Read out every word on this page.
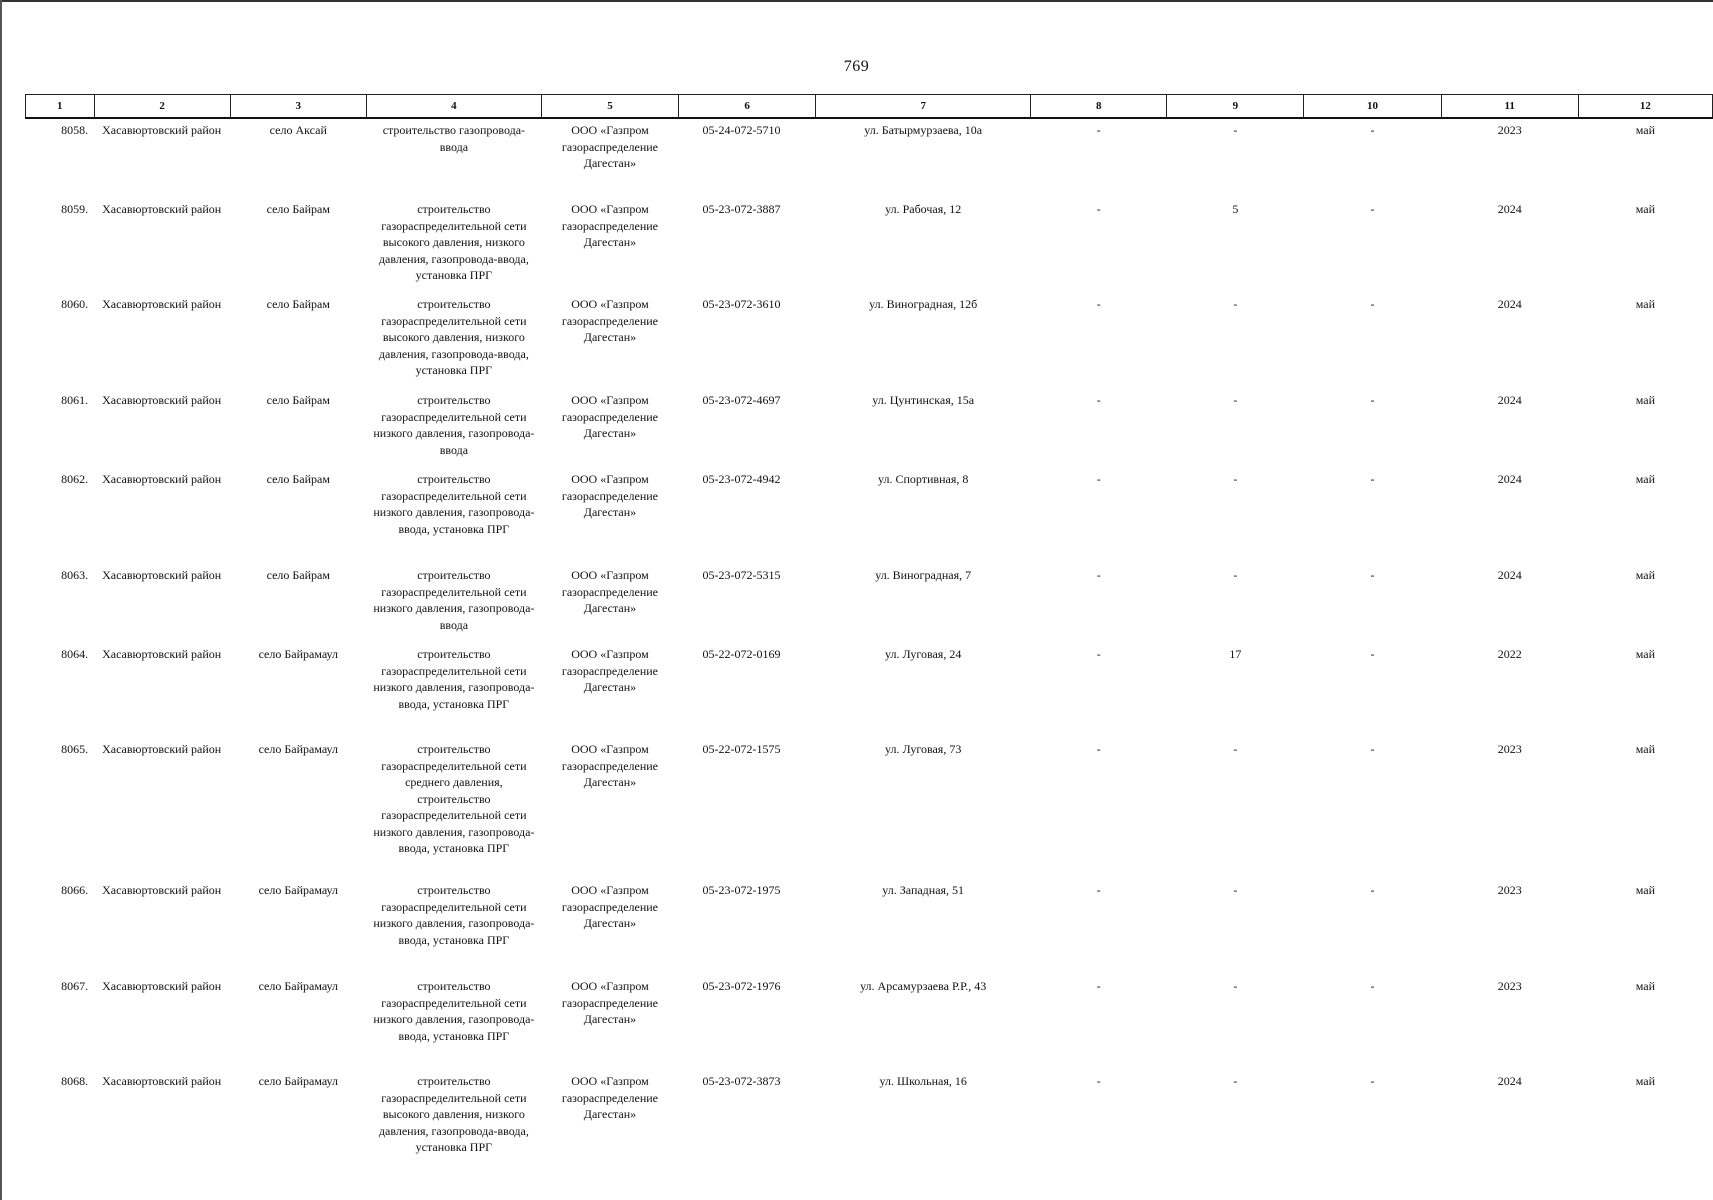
769
1	2	3	4	5	6	7	8	9	10	11	12
8058.	Хасавюртовский район	село Аксай	строительство газопровода-ввода	ООО «Газпром газораспределение Дагестан»	05-24-072-5710	ул. Батырмурзаева, 10а	-	-	-	2023	май
8059.	Хасавюртовский район	село Байрам	строительство газораспределительной сети высокого давления, низкого давления, газопровода-ввода, установка ПРГ	ООО «Газпром газораспределение Дагестан»	05-23-072-3887	ул. Рабочая, 12	-	5	-	2024	май
8060.	Хасавюртовский район	село Байрам	строительство газораспределительной сети высокого давления, низкого давления, газопровода-ввода, установка ПРГ	ООО «Газпром газораспределение Дагестан»	05-23-072-3610	ул. Виноградная, 12б	-	-	-	2024	май
8061.	Хасавюртовский район	село Байрам	строительство газораспределительной сети низкого давления, газопровода-ввода	ООО «Газпром газораспределение Дагестан»	05-23-072-4697	ул. Цунтинская, 15а	-	-	-	2024	май
8062.	Хасавюртовский район	село Байрам	строительство газораспределительной сети низкого давления, газопровода-ввода, установка ПРГ	ООО «Газпром газораспределение Дагестан»	05-23-072-4942	ул. Спортивная, 8	-	-	-	2024	май
8063.	Хасавюртовский район	село Байрам	строительство газораспределительной сети низкого давления, газопровода-ввода	ООО «Газпром газораспределение Дагестан»	05-23-072-5315	ул. Виноградная, 7	-	-	-	2024	май
8064.	Хасавюртовский район	село Байрамаул	строительство газораспределительной сети низкого давления, газопровода-ввода, установка ПРГ	ООО «Газпром газораспределение Дагестан»	05-22-072-0169	ул. Луговая, 24	-	17	-	2022	май
8065.	Хасавюртовский район	село Байрамаул	строительство газораспределительной сети среднего давления, строительство газораспределительной сети низкого давления, газопровода-ввода, установка ПРГ	ООО «Газпром газораспределение Дагестан»	05-22-072-1575	ул. Луговая, 73	-	-	-	2023	май
8066.	Хасавюртовский район	село Байрамаул	строительство газораспределительной сети низкого давления, газопровода-ввода, установка ПРГ	ООО «Газпром газораспределение Дагестан»	05-23-072-1975	ул. Западная, 51	-	-	-	2023	май
8067.	Хасавюртовский район	село Байрамаул	строительство газораспределительной сети низкого давления, газопровода-ввода, установка ПРГ	ООО «Газпром газораспределение Дагестан»	05-23-072-1976	ул. Арсамурзаева Р.Р., 43	-	-	-	2023	май
8068.	Хасавюртовский район	село Байрамаул	строительство газораспределительной сети высокого давления, низкого давления, газопровода-ввода, установка ПРГ	ООО «Газпром газораспределение Дагестан»	05-23-072-3873	ул. Школьная, 16	-	-	-	2024	май
